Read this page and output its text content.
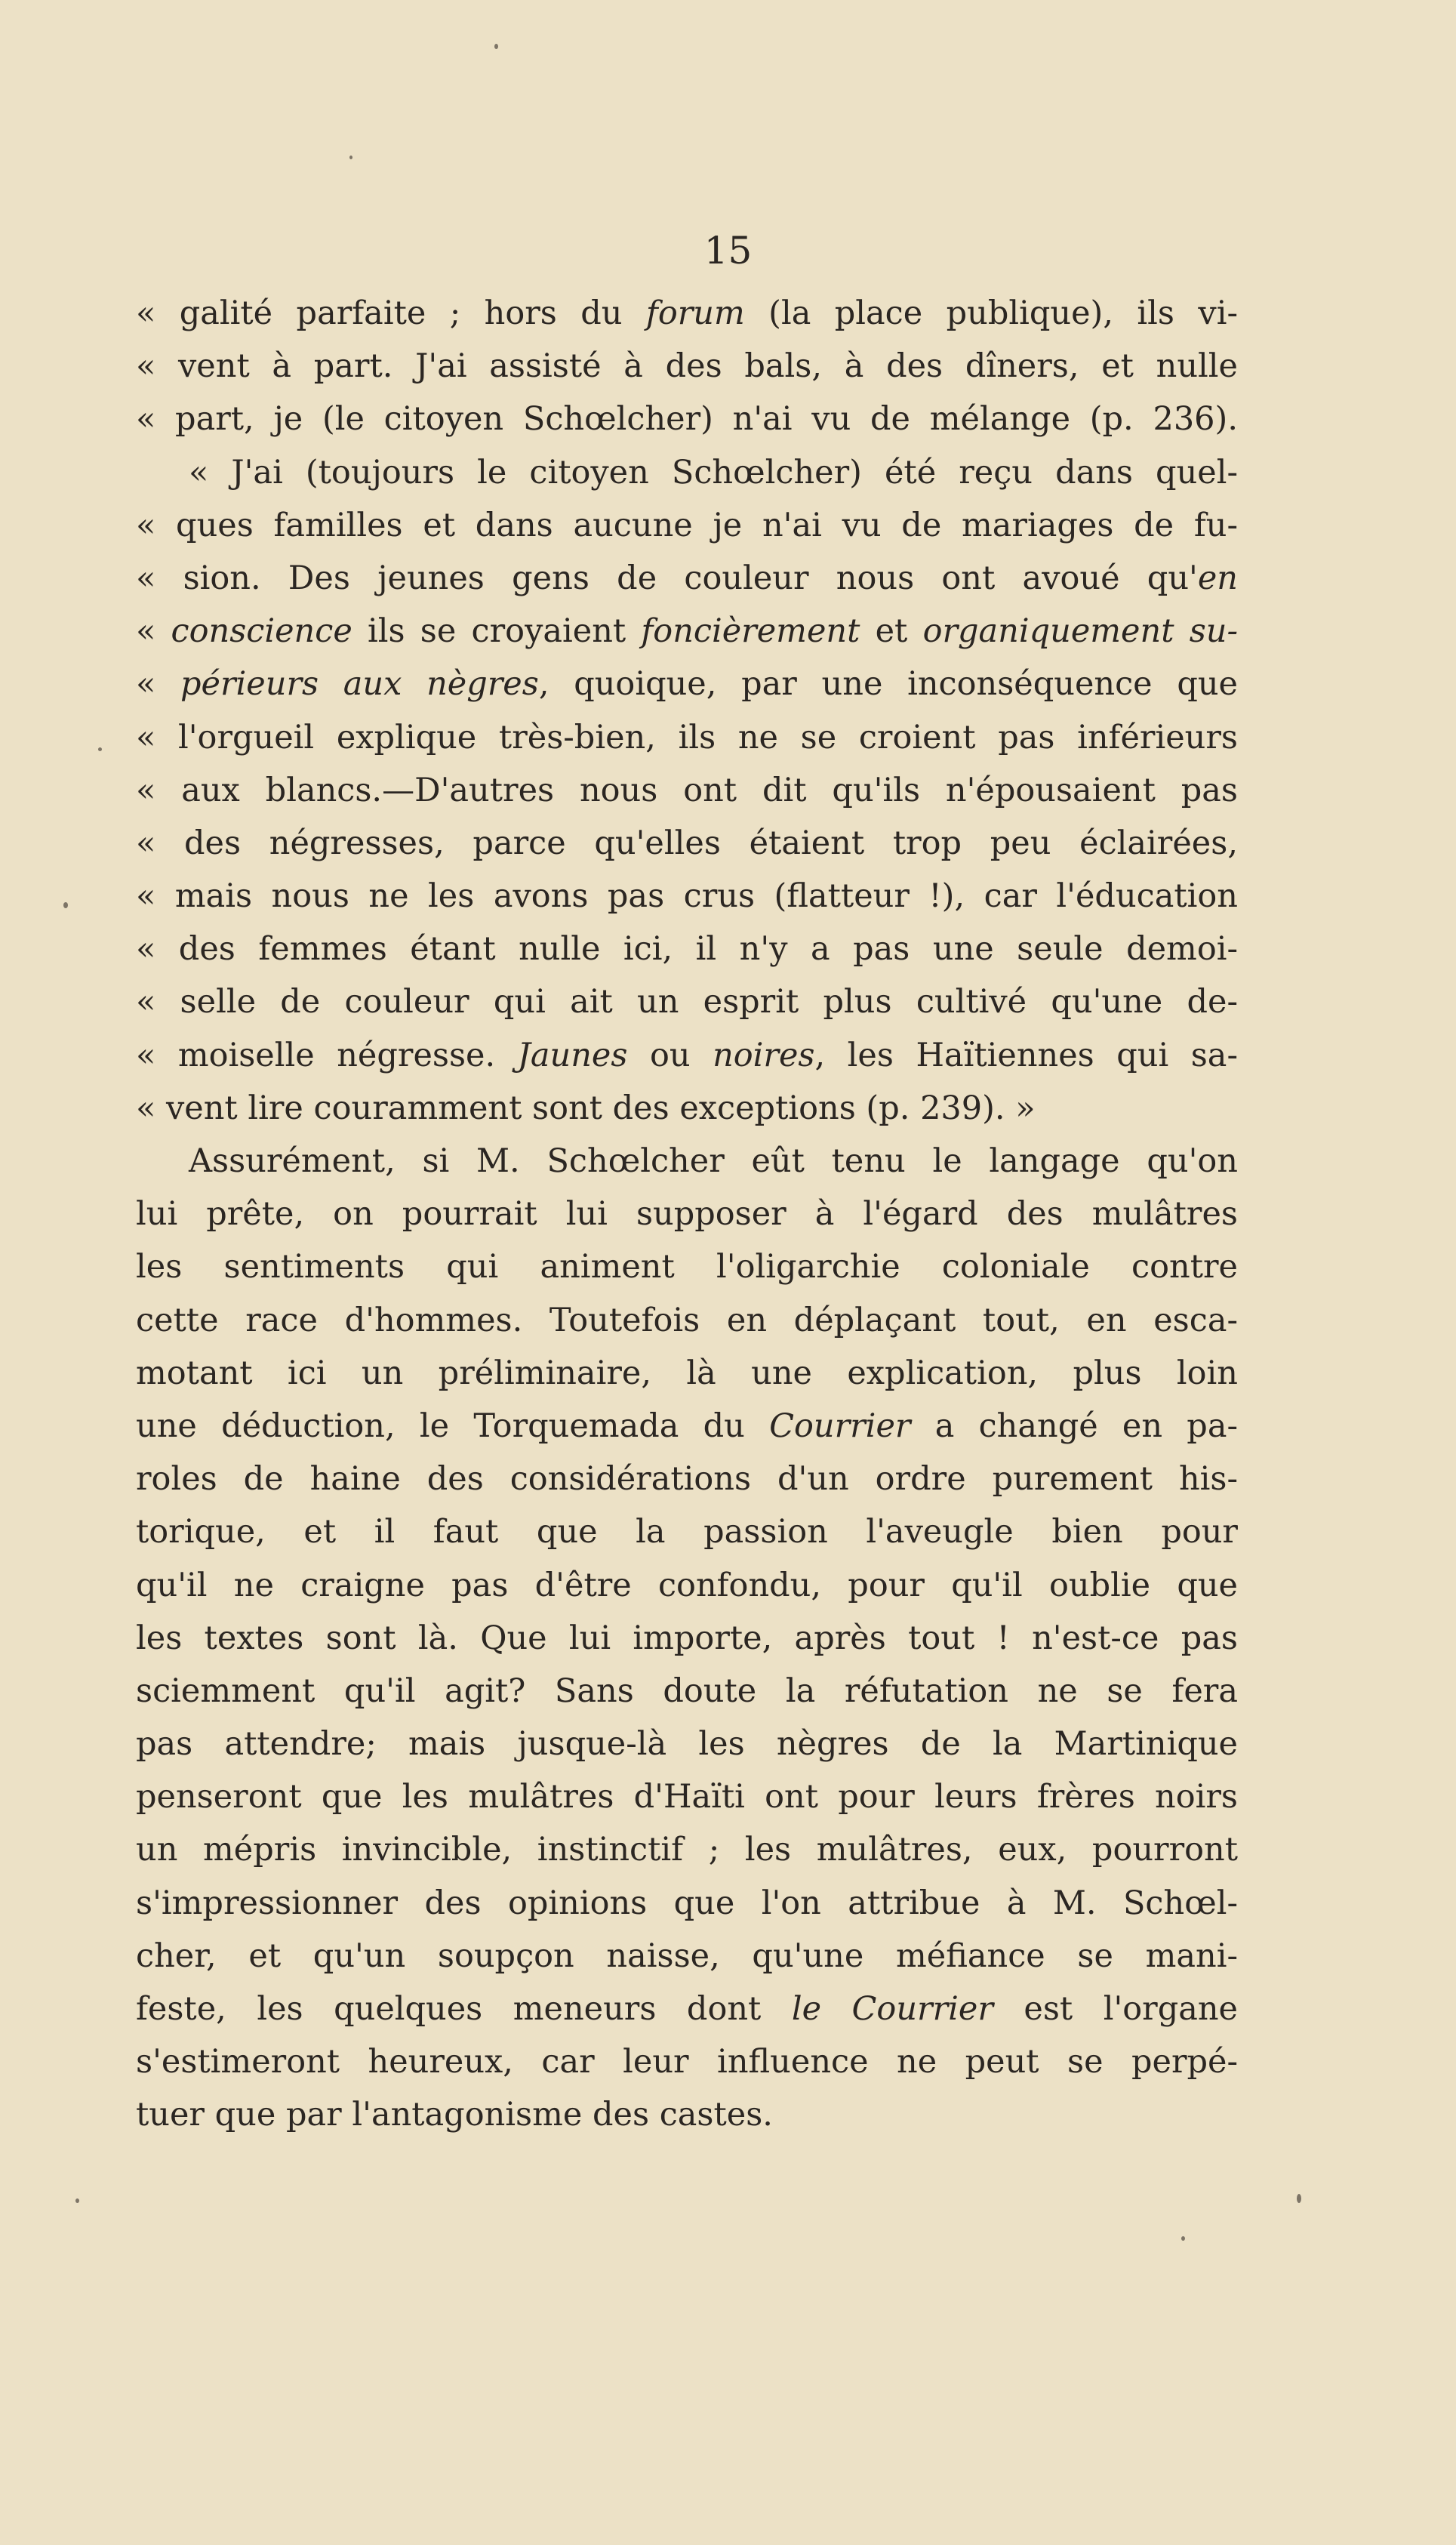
15
« galité parfaite ; hors du forum (la place publique), ils vi-
« vent à part. J'ai assisté à des bals, à des dîners, et nulle
« part, je (le citoyen Schœlcher) n'ai vu de mélange (p. 236).
« J'ai (toujours le citoyen Schœlcher) été reçu dans quel-
« ques familles et dans aucune je n'ai vu de mariages de fu-
« sion. Des jeunes gens de couleur nous ont avoué qu'en
« conscience ils se croyaient foncièrement et organiquement su-
« périeurs aux nègres, quoique, par une inconséquence que
« l'orgueil explique très-bien, ils ne se croient pas inférieurs
« aux blancs.—D'autres nous ont dit qu'ils n'épousaient pas
« des négresses, parce qu'elles étaient trop peu éclairées,
« mais nous ne les avons pas crus (flatteur !), car l'éducation
« des femmes étant nulle ici, il n'y a pas une seule demoi-
« selle de couleur qui ait un esprit plus cultivé qu'une de-
« moiselle négresse. Jaunes ou noires, les Haïtiennes qui sa-
« vent lire couramment sont des exceptions (p. 239). »
Assurément, si M. Schœlcher eût tenu le langage qu'on
lui prête, on pourrait lui supposer à l'égard des mulâtres
les sentiments qui animent l'oligarchie coloniale contre
cette race d'hommes. Toutefois en déplaçant tout, en esca-
motant ici un préliminaire, là une explication, plus loin
une déduction, le Torquemada du Courrier a changé en pa-
roles de haine des considérations d'un ordre purement his-
torique, et il faut que la passion l'aveugle bien pour
qu'il ne craigne pas d'être confondu, pour qu'il oublie que
les textes sont là. Que lui importe, après tout ! n'est-ce pas
sciemment qu'il agit? Sans doute la réfutation ne se fera
pas attendre; mais jusque-là les nègres de la Martinique
penseront que les mulâtres d'Haïti ont pour leurs frères noirs
un mépris invincible, instinctif ; les mulâtres, eux, pourront
s'impressionner des opinions que l'on attribue à M. Schœl-
cher, et qu'un soupçon naisse, qu'une méfiance se mani-
feste, les quelques meneurs dont le Courrier est l'organe
s'estimeront heureux, car leur influence ne peut se perpé-
tuer que par l'antagonisme des castes.
